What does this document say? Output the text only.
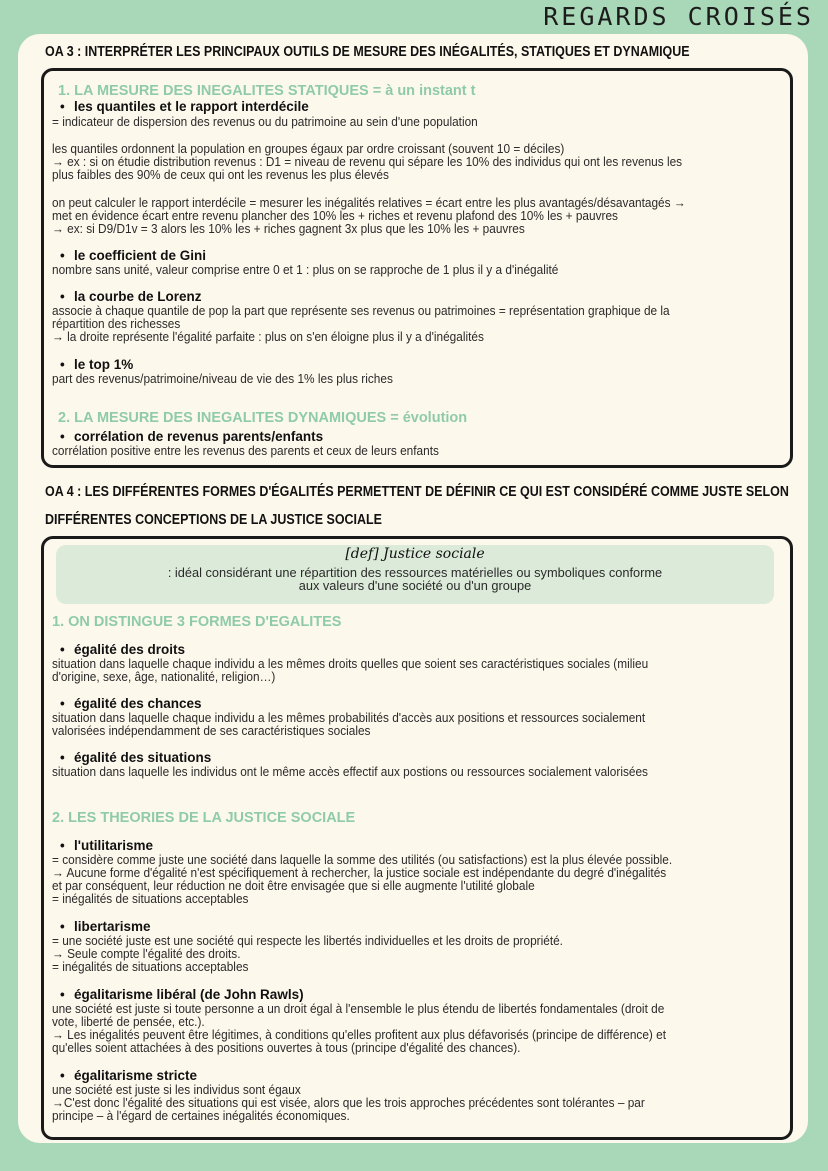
REGARDS CROISÉS
OA 3 : INTERPRÉTER LES PRINCIPAUX OUTILS DE MESURE DES INÉGALITÉS, STATIQUES ET DYNAMIQUE
1. LA MESURE DES INEGALITES STATIQUES = à un instant t
• les quantiles et le rapport interdécile
= indicateur de dispersion des revenus ou du patrimoine au sein d'une population
les quantiles ordonnent la population en groupes égaux par ordre croissant (souvent 10 = déciles)
→ ex : si on étudie distribution revenus : D1 = niveau de revenu qui sépare les 10% des individus qui ont les revenus les
plus faibles des 90% de ceux qui ont les revenus les plus élevés
on peut calculer le rapport interdécile = mesurer les inégalités relatives = écart entre les plus avantagés/désavantagés →
met en évidence écart entre revenu plancher des 10% les + riches et revenu plafond des 10% les + pauvres
→ ex: si D9/D1v = 3 alors les 10% les + riches gagnent 3x plus que les 10% les + pauvres
• le coefficient de Gini
nombre sans unité, valeur comprise entre 0 et 1 : plus on se rapproche de 1 plus il y a d'inégalité
• la courbe de Lorenz
associe à chaque quantile de pop la part que représente ses revenus ou patrimoines = représentation graphique de la
répartition des richesses
→ la droite représente l'égalité parfaite : plus on s'en éloigne plus il y a d'inégalités
• le top 1%
part des revenus/patrimoine/niveau de vie des 1% les plus riches
2. LA MESURE DES INEGALITES DYNAMIQUES = évolution
• corrélation de revenus parents/enfants
corrélation positive entre les revenus des parents et ceux de leurs enfants
OA 4 : LES DIFFÉRENTES FORMES D'ÉGALITÉS PERMETTENT DE DÉFINIR CE QUI EST CONSIDÉRÉ COMME JUSTE SELON
DIFFÉRENTES CONCEPTIONS DE LA JUSTICE SOCIALE
[def] Justice sociale
: idéal considérant une répartition des ressources matérielles ou symboliques conforme
aux valeurs d'une société ou d'un groupe
1. ON DISTINGUE 3 FORMES D'EGALITES
• égalité des droits
situation dans laquelle chaque individu a les mêmes droits quelles que soient ses caractéristiques sociales (milieu
d'origine, sexe, âge, nationalité, religion…)
• égalité des chances
situation dans laquelle chaque individu a les mêmes probabilités d'accès aux positions et ressources socialement
valorisées indépendamment de ses caractéristiques sociales
• égalité des situations
situation dans laquelle les individus ont le même accès effectif aux postions ou ressources socialement valorisées
2. LES THEORIES DE LA JUSTICE SOCIALE
• l'utilitarisme
= considère comme juste une société dans laquelle la somme des utilités (ou satisfactions) est la plus élevée possible.
→ Aucune forme d'égalité n'est spécifiquement à rechercher, la justice sociale est indépendante du degré d'inégalités
et par conséquent, leur réduction ne doit être envisagée que si elle augmente l'utilité globale
= inégalités de situations acceptables
• libertarisme
= une société juste est une société qui respecte les libertés individuelles et les droits de propriété.
→ Seule compte l'égalité des droits.
= inégalités de situations acceptables
• égalitarisme libéral (de John Rawls)
une société est juste si toute personne a un droit égal à l'ensemble le plus étendu de libertés fondamentales (droit de
vote, liberté de pensée, etc.).
→ Les inégalités peuvent être légitimes, à conditions qu'elles profitent aux plus défavorisés (principe de différence) et
qu'elles soient attachées à des positions ouvertes à tous (principe d'égalité des chances).
• égalitarisme stricte
une société est juste si les individus sont égaux
→C'est donc l'égalité des situations qui est visée, alors que les trois approches précédentes sont tolérantes – par
principe – à l'égard de certaines inégalités économiques.
